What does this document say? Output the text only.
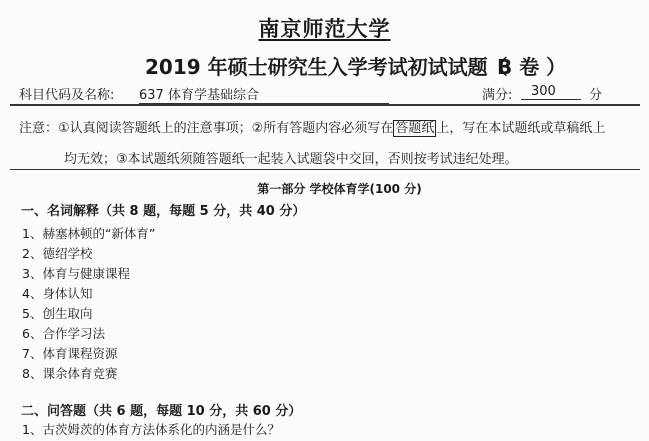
南京师范大学
2019 年硕士研究生入学考试初试试题（
B 卷 ）
科目代码及名称: 637 体育学基础综合	满分:	300	分
注意：①认真阅读答题纸上的注意事项；②所有答题内容必须写在 答题纸 上，写在本试题纸或草稿纸上
均无效；③本试题纸须随答题纸一起装入试题袋中交回，否则按考试违纪处理。
第一部分 学校体育学(100 分)
一、名词解释（共 8 题，每题 5 分，共 40 分）
1、赫塞林顿的“新体育”
2、德绍学校
3、体育与健康课程
4、身体认知
5、创生取向
6、合作学习法
7、体育课程资源
8、课余体育竞赛
二、问答题（共 6 题，每题 10 分，共 60 分）
1、古茨姆茨的体育方法体系化的内涵是什么？
